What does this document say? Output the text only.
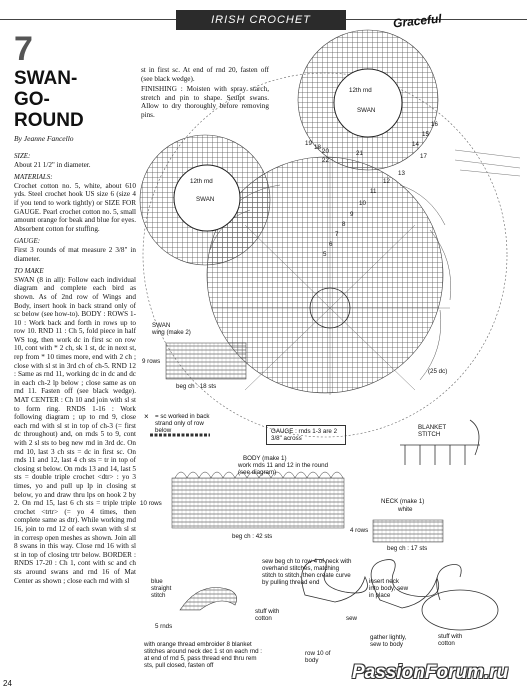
IRISH CROCHET	Graceful
7
SWAN-
GO-
ROUND
By Jeanne Fancello
SIZE:

About 21 1/2" in diameter.

MATERIALS:

Crochet cotton no. 5, white, about 610 yds. Steel crochet hook US size 6 (size 4 if you tend to work tightly) or SIZE FOR GAUGE. Pearl crochet cotton no. 5, small amount orange for beak and blue for eyes. Absorbent cotton for stuffing.

GAUGE:

First 3 rounds of mat measure 2 3/8" in diameter.

TO MAKE

SWAN (8 in all): Follow each individual diagram and complete each bird as shown. As of 2nd row of Wings and Body, insert hook in back strand only of sc below (see how-to). BODY : ROWS 1-10 : Work back and forth in rows up to row 10. RND 11 : Ch 5, fold piece in half WS tog, then work dc in first sc on row 10, cont with * 2 ch, sk 1 st, dc in next st, rep from * 10 times more, end with 2 ch ; close with sl st in 3rd ch of ch-5. RND 12 : Same as rnd 11, working dc in dc and dc in each ch-2 lp below ; close same as on rnd 11. Fasten off (see black wedge). MAT CENTER : Ch 10 and join with sl st to form ring. RNDS 1-16 : Work following diagram ; up to rnd 9, close each rnd with sl st in top of ch-3 (= first dc throughout) and, on rnds 5 to 9, cont with 2 sl sts to beg new rnd in 3rd dc. On rnd 10, last 3 ch sts = dc in first sc. On rnds 11 and 12, last 4 ch sts = tr in top of closing st below. On rnds 13 and 14, last 5 sts = double triple crochet <dtr> : yo 3 times, yo and pull up lp in closing st below, yo and draw thru lps on hook 2 by 2. On rnd 15, last 6 ch sts = triple triple crochet <trtr> (= yo 4 times, then complete same as dtr). While working rnd 16, join to rnd 12 of each swan with sl st in corresp open meshes as shown. Join all 8 swans in this way. Close rnd 16 with sl st in top of closing trtr below. BORDER : RNDS 17-20 : Ch 1, cont with sc and ch sts around swans and rnd 16 of Mat Center as shown ; close each rnd with sl

st in first sc. At end of rnd 20, fasten off (see black wedge).

FINISHING : Moisten with spray starch, stretch and pin to shape. Sculpt swans. Allow to dry thoroughly before removing pins.

12th rnd
SWAN
12th rnd
SWAN
19
18
20
22
21
13
14
15
16
17
12
11
10
9
8
7
6
5
(25 dc)
SWAN
wing (make 2)
9 rows
beg ch : 18 sts
× = sc worked in back strand only of row below	GAUGE : rnds 1-3 are 2 3/8" across
BLANKET STITCH
BODY (make 1)
work rnds 11 and 12 in the round (see diagram)
10 rows
beg ch : 42 sts
NECK (make 1)
white
4 rows
beg ch : 17 sts
sew beg ch to row 4 of neck with overhand stitches, matching stitch to stitch, then create curve by pulling thread end
blue straight stitch
5 rnds
stuff with cotton
with orange thread embroider 8 blanket stitches around neck dec 1 st on each rnd : at end of rnd 5, pass thread end thru rem sts, pull closed, fasten off
row 10 of body
insert neck into body, sew in place
sew
gather lightly, sew to body
stuff with cotton
24
PassionForum.ru
